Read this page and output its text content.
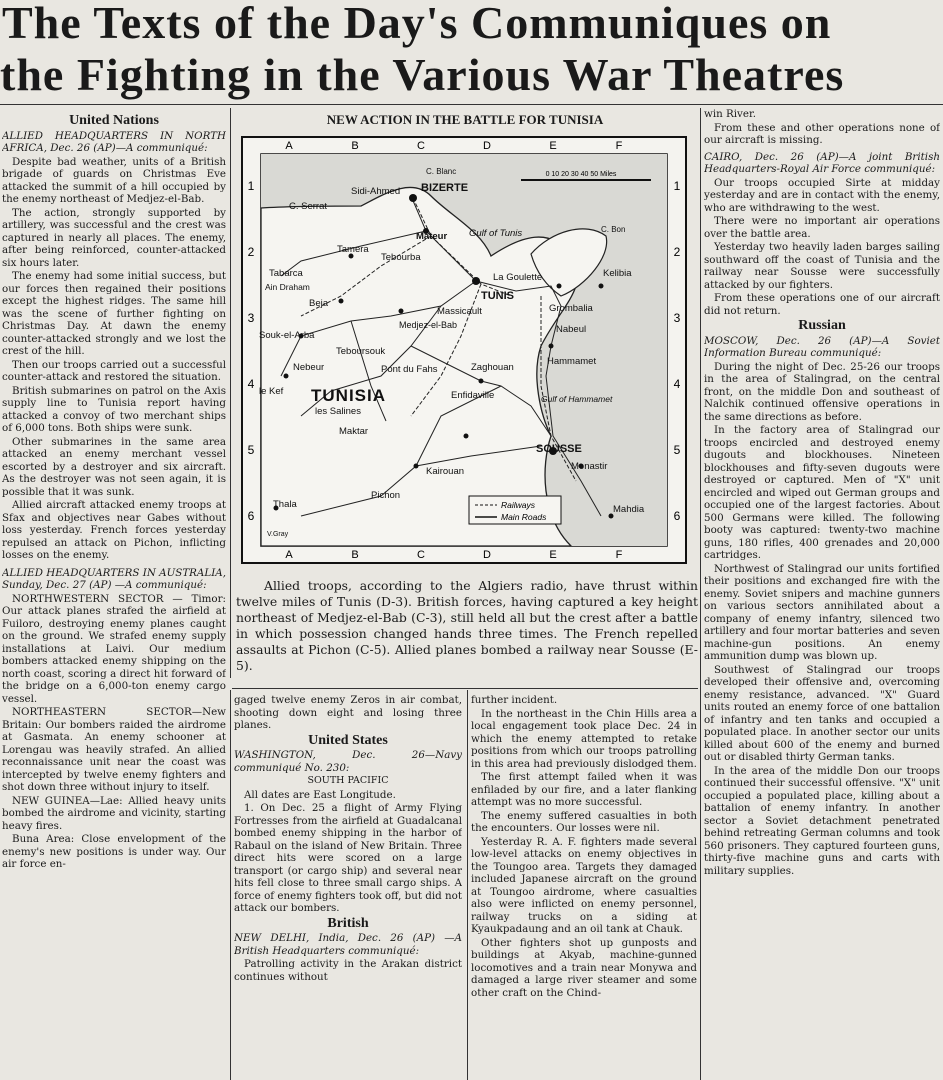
The Texts of the Day's Communiques on
the Fighting in the Various War Theatres

United Nations

ALLIED HEADQUARTERS IN NORTH AFRICA, Dec. 26 (AP)—A communiqué:

Despite bad weather, units of a British brigade of guards on Christmas Eve attacked the summit of a hill occupied by the enemy northeast of Medjez-el-Bab.

The action, strongly supported by artillery, was successful and the crest was captured in nearly all places. The enemy, after being reinforced, counter-attacked six hours later.

The enemy had some initial success, but our forces then regained their positions except the highest ridges. The same hill was the scene of further fighting on Christmas Day. At dawn the enemy counter-attacked strongly and we lost the crest of the hill.

Then our troops carried out a successful counter-attack and restored the situation.

British submarines on patrol on the Axis supply line to Tunisia report having attacked a convoy of two merchant ships of 6,000 tons. Both ships were sunk.

Other submarines in the same area attacked an enemy merchant vessel escorted by a destroyer and six aircraft. As the destroyer was not seen again, it is possible that it was sunk.

Allied aircraft attacked enemy troops at Sfax and objectives near Gabes without loss yesterday. French forces yesterday repulsed an attack on Pichon, inflicting losses on the enemy.

ALLIED HEADQUARTERS IN AUSTRALIA, Sunday, Dec. 27 (AP) —A communiqué:

NORTHWESTERN SECTOR — Timor: Our attack planes strafed the airfield at Fuiloro, destroying enemy planes caught on the ground. We strafed enemy supply installations at Laivi. Our medium bombers attacked enemy shipping on the north coast, scoring a direct hit forward of the bridge on a 6,000-ton enemy cargo vessel.

NORTHEASTERN SECTOR—New Britain: Our bombers raided the airdrome at Gasmata. An enemy schooner at Lorengau was heavily strafed. An allied reconnaissance unit near the coast was intercepted by twelve enemy fighters and shot down three without injury to itself.

NEW GUINEA—Lae: Allied heavy units bombed the airdrome and vicinity, starting heavy fires.

Buna Area: Close envelopment of the enemy's new positions is under way. Our air force en-

NEW ACTION IN THE BATTLE FOR TUNISIA
A	B	C	D	E	F
A	B	C	D	E	F
1
2
3
4
5
6
1
2
3
4
5
6
0 10 20 30 40 50 Miles
C. Blanc
BIZERTE
Sidi-Ahmed
C. Serrat
Mateur Gulf of Tunis	C. Bon
Tamera
Tebourba
La Goulette	Kelibia
Tabarca
Ain Draham
TUNIS
Beja
Massicault	Grombalia
Medjez-el-Bab	Nabeul
Souk-el-Arba
Teboursouk
Hammamet
Nebeur	Pont du Fahs	Zaghouan
le Kef	Enfidaville	Gulf of Hammamet
les Salines
Maktar
SOUSSE
Kairouan	Monastir
Pichon
Thala	Mahdia
TUNISIA
V.Gray
Railways
Main Roads
Allied troops, according to the Algiers radio, have thrust within twelve miles of Tunis (D-3). British forces, having captured a key height northeast of Medjez-el-Bab (C-3), still held all but the crest after a battle in which possession changed hands three times. The French repelled assaults at Pichon (C-5). Allied planes bombed a railway near Sousse (E-5).

gaged twelve enemy Zeros in air combat, shooting down eight and losing three planes.

United States

WASHINGTON, Dec. 26—Navy communiqué No. 230:

SOUTH PACIFIC

All dates are East Longitude.

1. On Dec. 25 a flight of Army Flying Fortresses from the airfield at Guadalcanal bombed enemy shipping in the harbor of Rabaul on the island of New Britain. Three direct hits were scored on a large transport (or cargo ship) and several near hits fell close to three small cargo ships. A force of enemy fighters took off, but did not attack our bombers.

British

NEW DELHI, India, Dec. 26 (AP) —A British Headquarters communiqué:

Patrolling activity in the Arakan district continues without

further incident.

In the northeast in the Chin Hills area a local engagement took place Dec. 24 in which the enemy attempted to retake positions from which our troops patrolling in this area had previously dislodged them.

The first attempt failed when it was enfiladed by our fire, and a later flanking attempt was no more successful.

The enemy suffered casualties in both the encounters. Our losses were nil.

Yesterday R. A. F. fighters made several low-level attacks on enemy objectives in the Toungoo area. Targets they damaged included Japanese aircraft on the ground at Toungoo airdrome, where casualties also were inflicted on enemy personnel, railway trucks on a siding at Kyaukpadaung and an oil tank at Chauk.

Other fighters shot up gunposts and buildings at Akyab, machine-gunned locomotives and a train near Monywa and damaged a large river steamer and some other craft on the Chind-

win River.

From these and other operations none of our aircraft is missing.

CAIRO, Dec. 26 (AP)—A joint British Headquarters-Royal Air Force communiqué:

Our troops occupied Sirte at midday yesterday and are in contact with the enemy, who are withdrawing to the west.

There were no important air operations over the battle area.

Yesterday two heavily laden barges sailing southward off the coast of Tunisia and the railway near Sousse were successfully attacked by our fighters.

From these operations one of our aircraft did not return.

Russian

MOSCOW, Dec. 26 (AP)—A Soviet Information Bureau communiqué:

During the night of Dec. 25-26 our troops in the area of Stalingrad, on the central front, on the middle Don and southeast of Nalchik continued offensive operations in the same directions as before.

In the factory area of Stalingrad our troops encircled and destroyed enemy dugouts and blockhouses. Nineteen blockhouses and fifty-seven dugouts were destroyed or captured. Men of "X" unit encircled and wiped out German groups and occupied one of the largest factories. About 500 Germans were killed. The following booty was captured: twenty-two machine guns, 180 rifles, 400 grenades and 20,000 cartridges.

Northwest of Stalingrad our units fortified their positions and exchanged fire with the enemy. Soviet snipers and machine gunners on various sectors annihilated about a company of enemy infantry, silenced two artillery and four mortar batteries and seven machine-gun positions. An enemy ammunition dump was blown up.

Southwest of Stalingrad our troops developed their offensive and, overcoming enemy resistance, advanced. "X" Guard units routed an enemy force of one battalion of infantry and ten tanks and occupied a populated place. In another sector our units killed about 600 of the enemy and burned out or disabled thirty German tanks.

In the area of the middle Don our troops continued their successful offensive. "X" unit occupied a populated place, killing about a battalion of enemy infantry. In another sector a Soviet detachment penetrated behind retreating German columns and took 560 prisoners. They captured fourteen guns, thirty-five machine guns and carts with military supplies.
